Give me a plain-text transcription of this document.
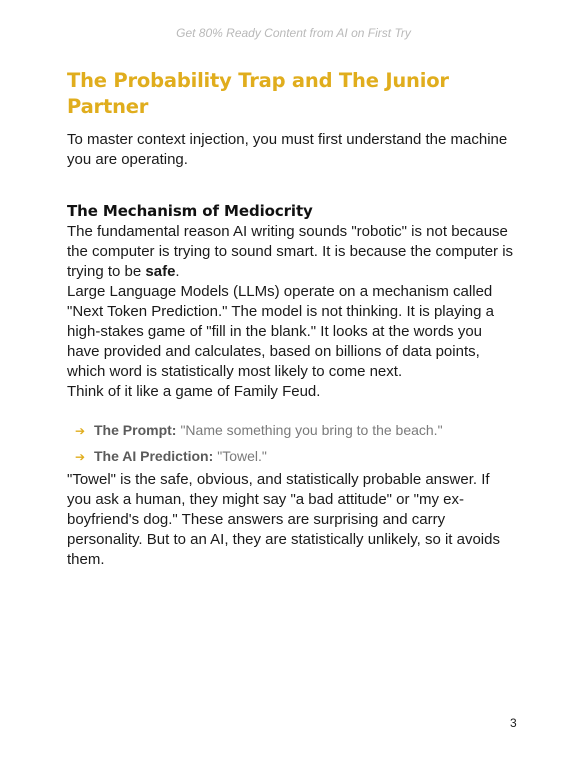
Get 80% Ready Content from AI on First Try
The Probability Trap and The Junior Partner

To master context injection, you must first understand the machine you are operating.

The Mechanism of Mediocrity

The fundamental reason AI writing sounds "robotic" is not because the computer is trying to sound smart. It is because the computer is trying to be safe.

Large Language Models (LLMs) operate on a mechanism called "Next Token Prediction." The model is not thinking. It is playing a high-stakes game of "fill in the blank." It looks at the words you have provided and calculates, based on billions of data points, which word is statistically most likely to come next.

Think of it like a game of Family Feud.

➔ The Prompt: "Name something you bring to the beach."
➔ The AI Prediction: "Towel."

"Towel" is the safe, obvious, and statistically probable answer. If you ask a human, they might say "a bad attitude" or "my ex-boyfriend's dog." These answers are surprising and carry personality. But to an AI, they are statistically unlikely, so it avoids them.

3
